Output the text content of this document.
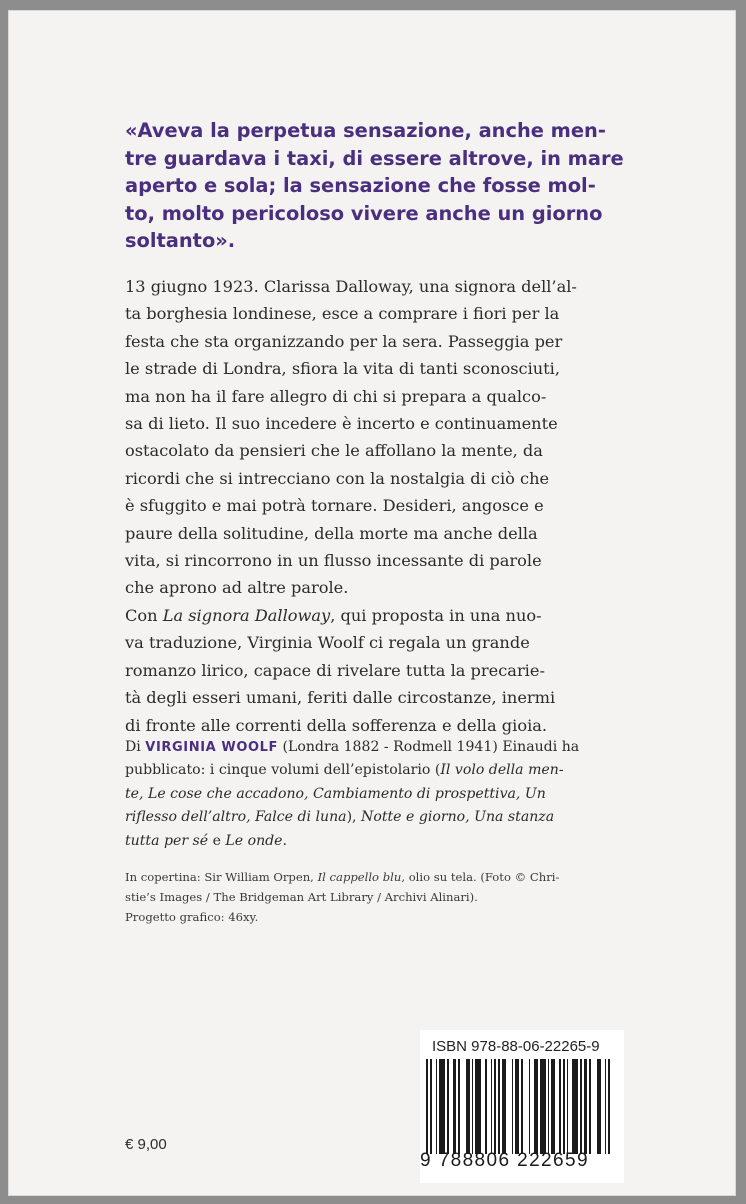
«Aveva la perpetua sensazione, anche men-
tre guardava i taxi, di essere altrove, in mare
aperto e sola; la sensazione che fosse mol-
to, molto pericoloso vivere anche un giorno
soltanto».

13 giugno 1923. Clarissa Dalloway, una signora dell’al-
ta borghesia londinese, esce a comprare i fiori per la
festa che sta organizzando per la sera. Passeggia per
le strade di Londra, sfiora la vita di tanti sconosciuti,
ma non ha il fare allegro di chi si prepara a qualco-
sa di lieto. Il suo incedere è incerto e continuamente
ostacolato da pensieri che le affollano la mente, da
ricordi che si intrecciano con la nostalgia di ciò che
è sfuggito e mai potrà tornare. Desideri, angosce e
paure della solitudine, della morte ma anche della
vita, si rincorrono in un flusso incessante di parole
che aprono ad altre parole.
Con La signora Dalloway, qui proposta in una nuo-
va traduzione, Virginia Woolf ci regala un grande
romanzo lirico, capace di rivelare tutta la precarie-
tà degli esseri umani, feriti dalle circostanze, inermi
di fronte alle correnti della sofferenza e della gioia.
Di VIRGINIA WOOLF (Londra 1882 - Rodmell 1941) Einaudi ha
pubblicato: i cinque volumi dell’epistolario (Il volo della men-
te, Le cose che accadono, Cambiamento di prospettiva, Un
riflesso dell’altro, Falce di luna), Notte e giorno, Una stanza
tutta per sé e Le onde.
In copertina: Sir William Orpen, Il cappello blu, olio su tela. (Foto © Chri-
stie’s Images / The Bridgeman Art Library / Archivi Alinari).
Progetto grafico: 46xy.
ISBN 978-88-06-22265-9
9 788806 222659
€ 9,00
